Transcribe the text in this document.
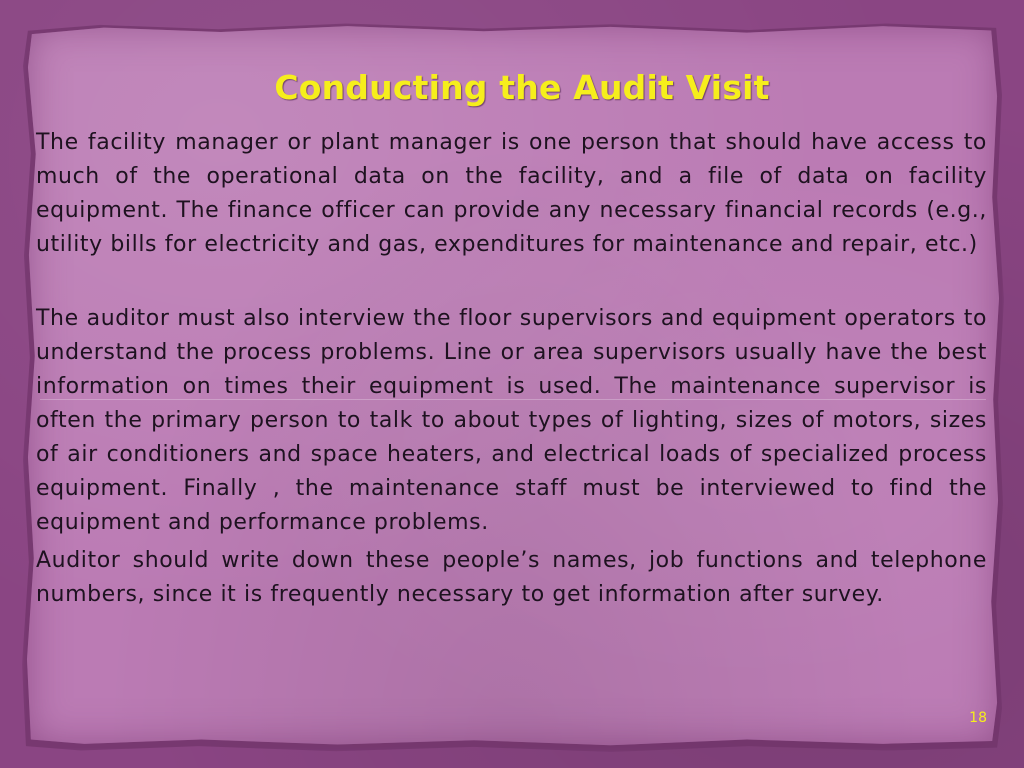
Conducting the Audit Visit

The facility manager or plant manager is one person that should have access to much of the operational data on the facility, and a file of data on facility equipment. The finance officer can provide any necessary financial records (e.g., utility bills for electricity and gas, expenditures for maintenance and repair, etc.)

The auditor must also interview the floor supervisors and equipment operators to understand the process problems. Line or area supervisors usually have the best information on times their equipment is used. The maintenance supervisor is often the primary person to talk to about types of lighting, sizes of motors, sizes of air conditioners and space heaters, and electrical loads of specialized process equipment. Finally , the maintenance staff must be interviewed to find the equipment and performance problems.

Auditor should write down these people’s names, job functions and telephone numbers, since it is frequently necessary to get information after survey.

18
